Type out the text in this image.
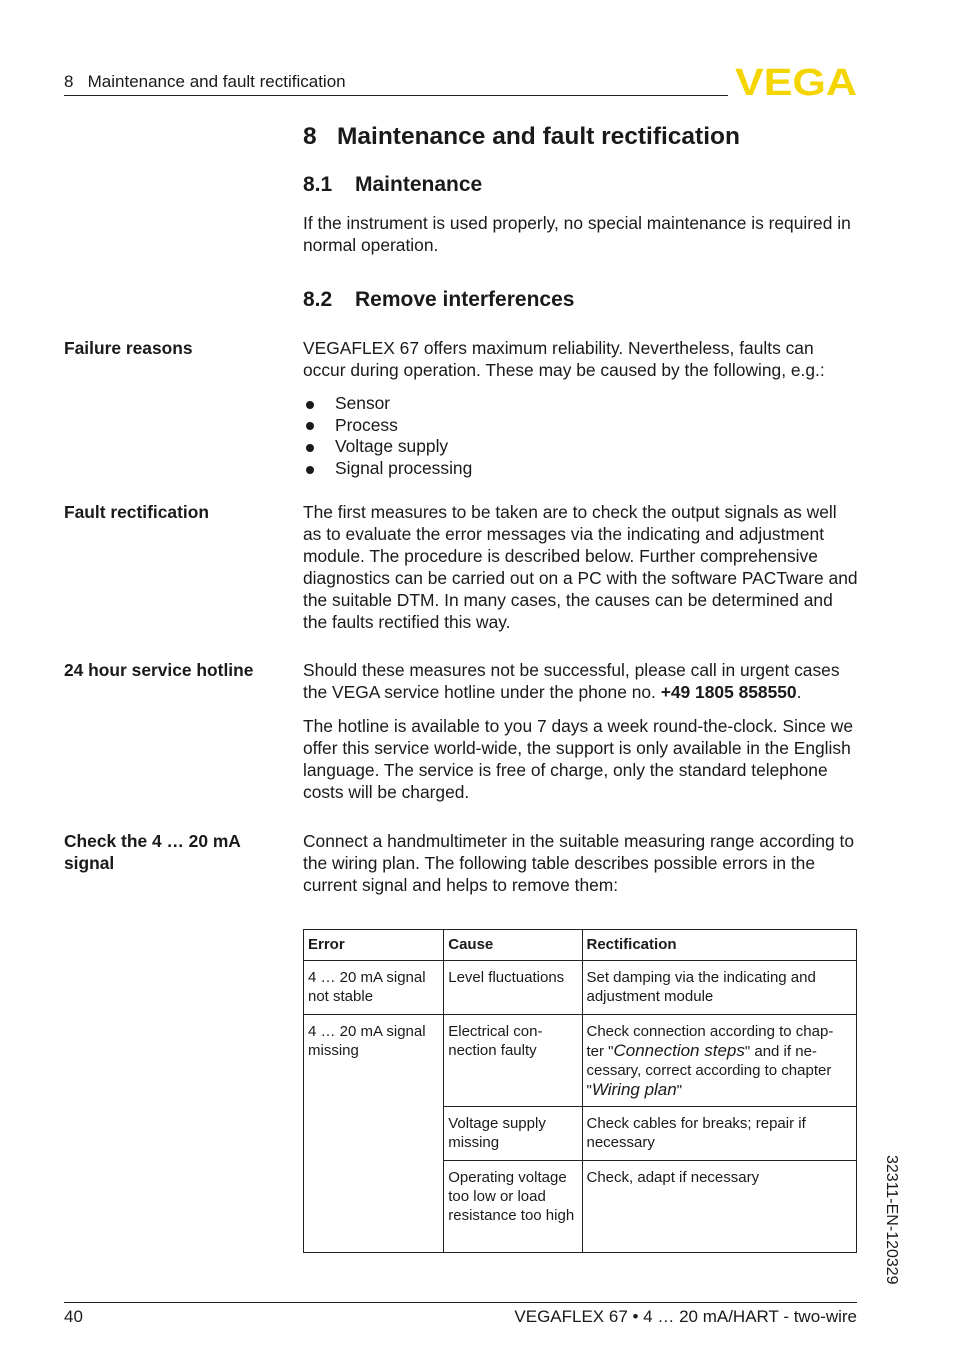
8   Maintenance and fault rectification	VEGA
8 Maintenance and fault rectification
8.1 Maintenance
If the instrument is used properly, no special maintenance is required in normal operation.
8.2 Remove interferences
Failure reasons	VEGAFLEX 67 offers maximum reliability. Nevertheless, faults can occur during operation. These may be caused by the following, e.g.:
Sensor
Process
Voltage supply
Signal processing
Fault rectification	The first measures to be taken are to check the output signals as well as to evaluate the error messages via the indicating and adjustment module. The procedure is described below. Further comprehensive diagnostics can be carried out on a PC with the software PACTware and the suitable DTM. In many cases, the causes can be determined and the faults rectified this way.
24 hour service hotline	Should these measures not be successful, please call in urgent cases the VEGA service hotline under the phone no. +49 1805 858550.
The hotline is available to you 7 days a week round-the-clock. Since we offer this service world-wide, the support is only available in the English language. The service is free of charge, only the standard telephone costs will be charged.
Check the 4 … 20 mA signal
Connect a handmultimeter in the suitable measuring range according to the wiring plan. The following table describes possible errors in the current signal and helps to remove them:
Error	Cause	Rectification
4 … 20 mA signal not stable	Level fluctuations	Set damping via the indicating and adjustment module
4 … 20 mA signal missing	Electrical con- nection faulty	Check connection according to chap- ter "Connection steps" and if ne- cessary, correct according to chapter "Wiring plan"
	Voltage supply missing	Check cables for breaks; repair if necessary
	Operating voltage too low or load resistance too high	Check, adapt if necessary	32311-EN-120329
40	VEGAFLEX 67 • 4 … 20 mA/HART - two-wire
